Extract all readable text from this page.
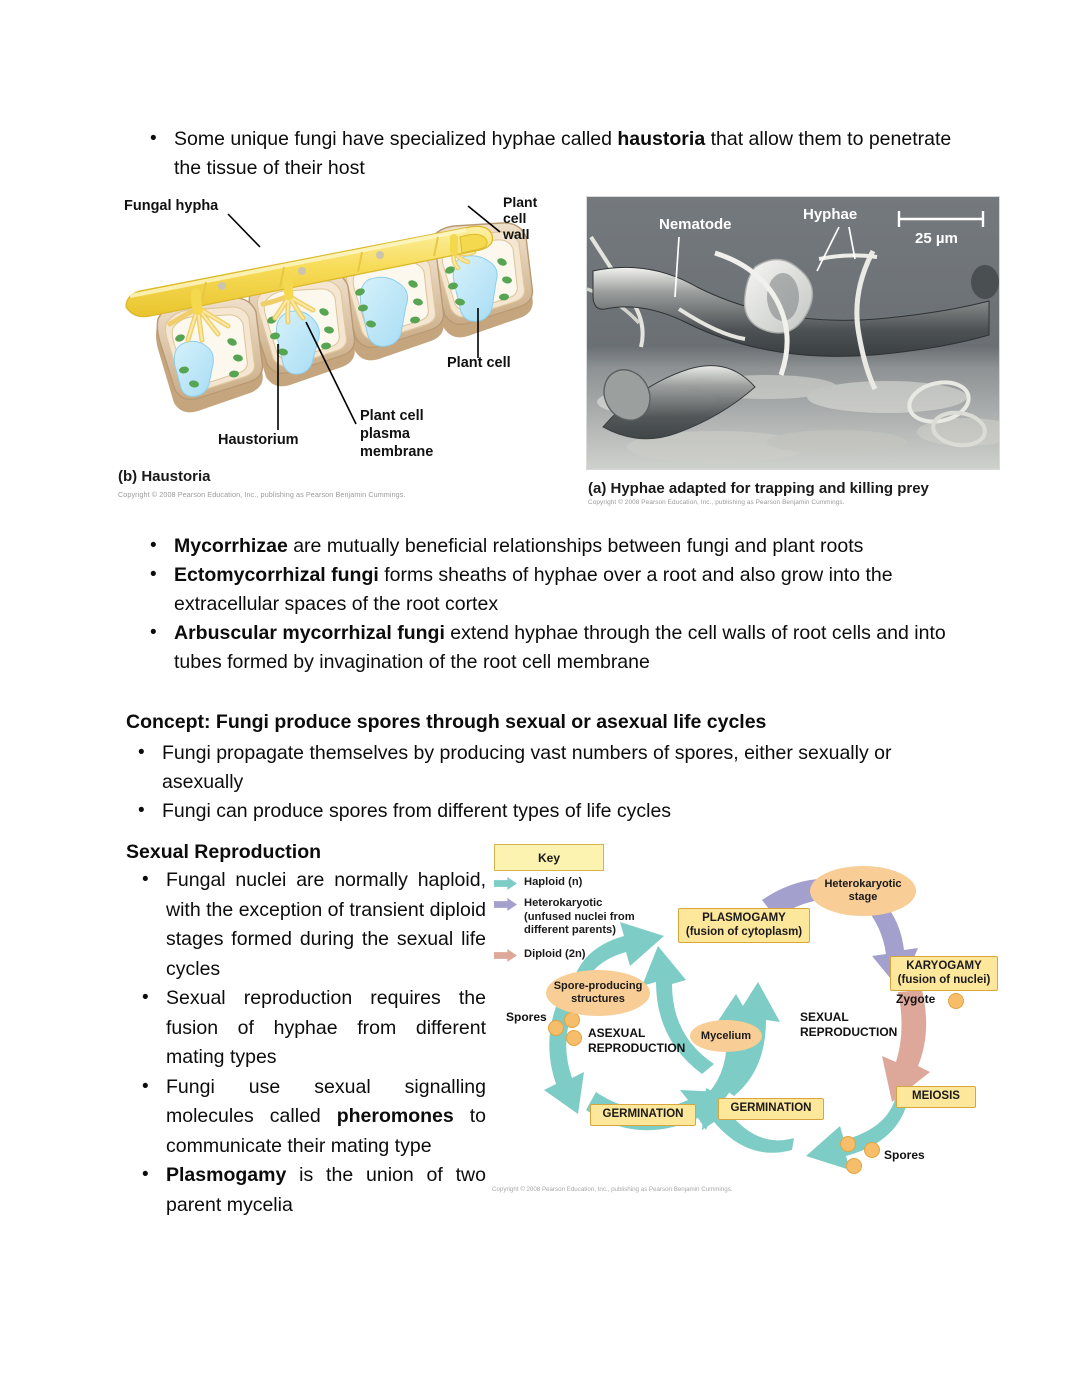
• Some unique fungi have specialized hyphae called haustoria that allow them to penetrate the tissue of their host
Fungal hypha	Plant
cell
wall
Plant cell
Haustorium
Plant cell
plasma
membrane
(b) Haustoria
Copyright © 2008 Pearson Education, Inc., publishing as Pearson Benjamin Cummings.
Nematode
Hyphae
25 µm
(a) Hyphae adapted for trapping and killing prey
Copyright © 2008 Pearson Education, Inc., publishing as Pearson Benjamin Cummings.
• Mycorrhizae are mutually beneficial relationships between fungi and plant roots
• Ectomycorrhizal fungi forms sheaths of hyphae over a root and also grow into the extracellular spaces of the root cortex
• Arbuscular mycorrhizal fungi extend hyphae through the cell walls of root cells and into tubes formed by invagination of the root cell membrane
Concept: Fungi produce spores through sexual or asexual life cycles
• Fungi propagate themselves by producing vast numbers of spores, either sexually or asexually
• Fungi can produce spores from different types of life cycles
Sexual Reproduction
• Fungal nuclei are normally haploid, with the exception of transient diploid stages formed during the sexual life cycles
• Sexual reproduction requires the fusion of hyphae from different mating types
• Fungi use sexual signalling molecules called pheromones to communicate their mating type
• Plasmogamy is the union of two parent mycelia
Key
Haploid (n)
Heterokaryotic
(unfused nuclei from
different parents)
Diploid (2n)
PLASMOGAMY
(fusion of cytoplasm)
KARYOGAMY
(fusion of nuclei)
MEIOSIS
GERMINATION	GERMINATION
Heterokaryotic
stage
Spore-producing
structures
Mycelium
Spores
Spores
Zygote
ASEXUAL
REPRODUCTION
SEXUAL
REPRODUCTION
Copyright © 2008 Pearson Education, Inc., publishing as Pearson Benjamin Cummings.
